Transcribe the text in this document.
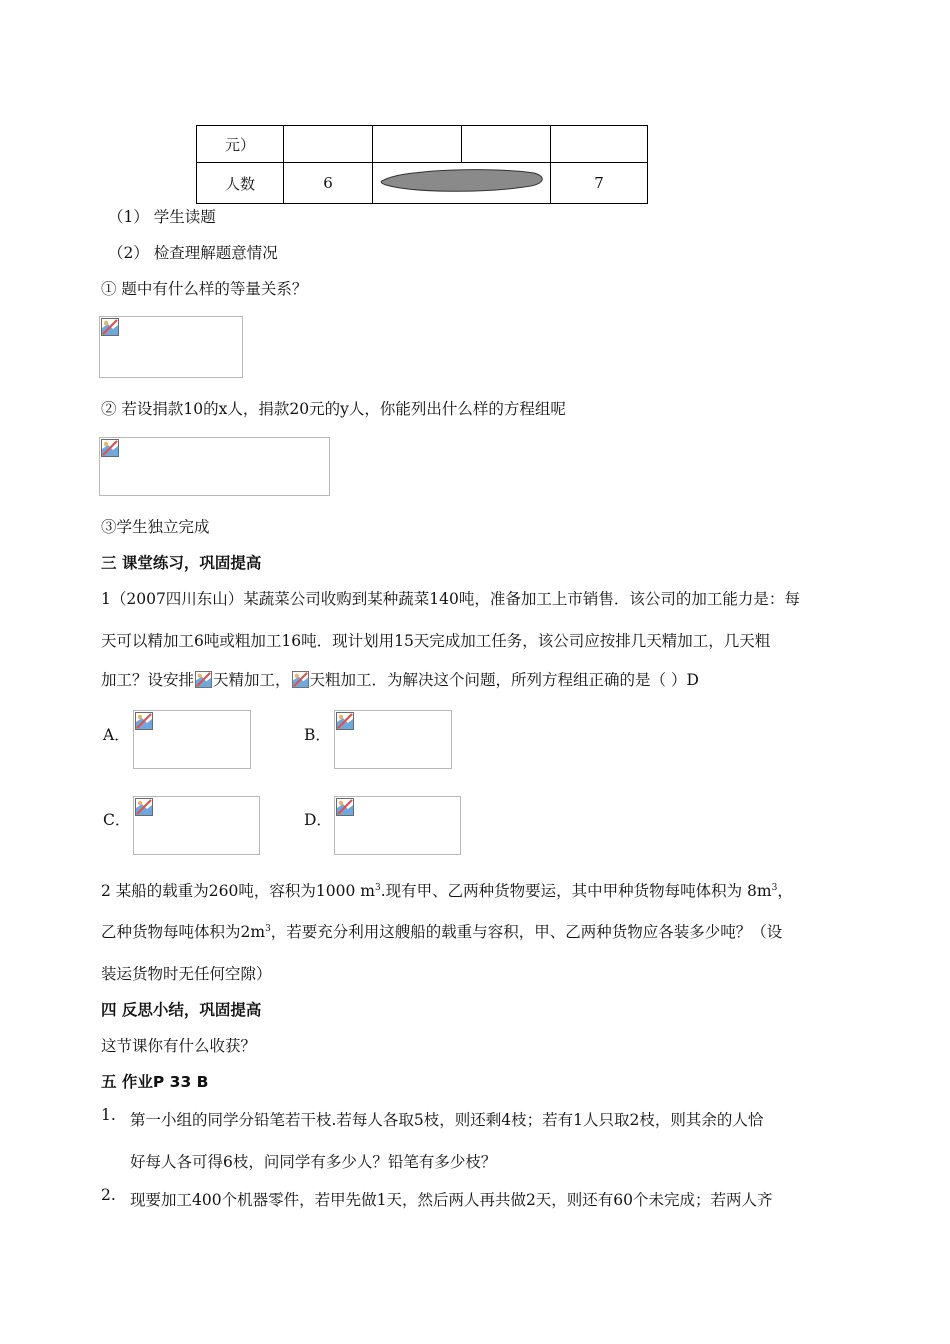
元）				
人数	6			7
（1） 学生读题
（2） 检查理解题意情况
① 题中有什么样的等量关系？
② 若设捐款10的x人，捐款20元的y人，你能列出什么样的方程组呢
③学生独立完成
三 课堂练习，巩固提高
1（2007四川东山）某蔬菜公司收购到某种蔬菜140吨，准备加工上市销售．该公司的加工能力是：每
天可以精加工6吨或粗加工16吨．现计划用15天完成加工任务，该公司应按排几天精加工，几天粗
加工？设安排 天精加工， 天粗加工．为解决这个问题，所列方程组正确的是（ ）D
A．	B．
C．	D．
2 某船的载重为260吨，容积为1000 $m^3$.现有甲、乙两种货物要运，其中甲种货物每吨体积为 $8m^3$，
乙种货物每吨体积为$2m^3$，若要充分利用这艘船的载重与容积，甲、乙两种货物应各装多少吨？（设
装运货物时无任何空隙）
四 反思小结，巩固提高
这节课你有什么收获？
五 作业P 33 B
1. 第一小组的同学分铅笔若干枝.若每人各取5枝，则还剩4枝；若有1人只取2枝，则其余的人恰
好每人各可得6枝，问同学有多少人？铅笔有多少枝？
2. 现要加工400个机器零件，若甲先做1天，然后两人再共做2天，则还有60个未完成；若两人齐
